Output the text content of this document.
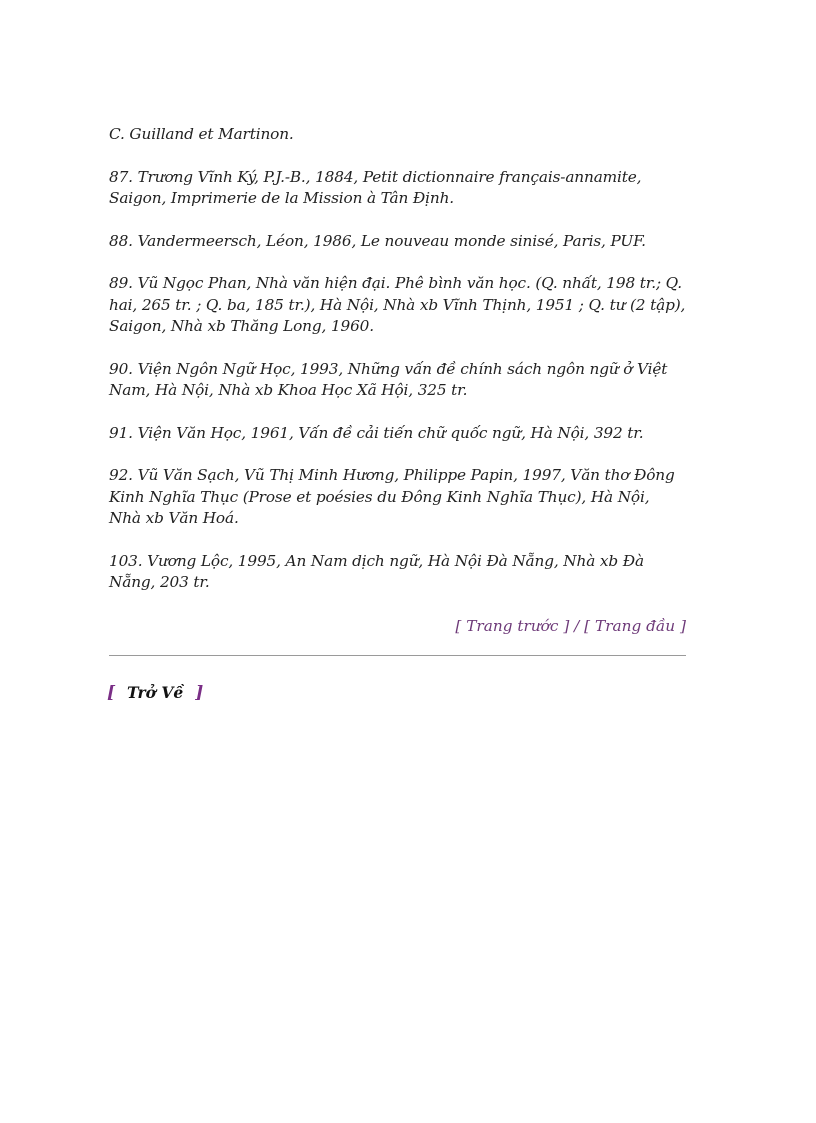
C. Guilland et Martinon.

87. Trương Vĩnh Ký, P.J.-B., 1884, Petit dictionnaire français-annamite, Saigon, Imprimerie de la Mission à Tân Định.

88. Vandermeersch, Léon, 1986, Le nouveau monde sinisé, Paris, PUF.

89. Vũ Ngọc Phan, Nhà văn hiện đại. Phê bình văn học. (Q. nhất, 198 tr.; Q. hai, 265 tr. ; Q. ba, 185 tr.), Hà Nội, Nhà xb Vĩnh Thịnh, 1951 ; Q. tư (2 tập), Saigon, Nhà xb Thăng Long, 1960.

90. Viện Ngôn Ngữ Học, 1993, Những vấn đề chính sách ngôn ngữ ở Việt Nam, Hà Nội, Nhà xb Khoa Học Xã Hội, 325 tr.

91. Viện Văn Học, 1961, Vấn đề cải tiến chữ quốc ngữ, Hà Nội, 392 tr.

92. Vũ Văn Sạch, Vũ Thị Minh Hương, Philippe Papin, 1997, Văn thơ Đông Kinh Nghĩa Thục (Prose et poésies du Đông Kinh Nghĩa Thục), Hà Nội, Nhà xb Văn Hoá.

103. Vương Lộc, 1995, An Nam dịch ngữ, Hà Nội Đà Nẵng, Nhà xb Đà Nẵng, 203 tr.

[ Trang trước ] / [ Trang đầu ]

[ Trở Về ]
